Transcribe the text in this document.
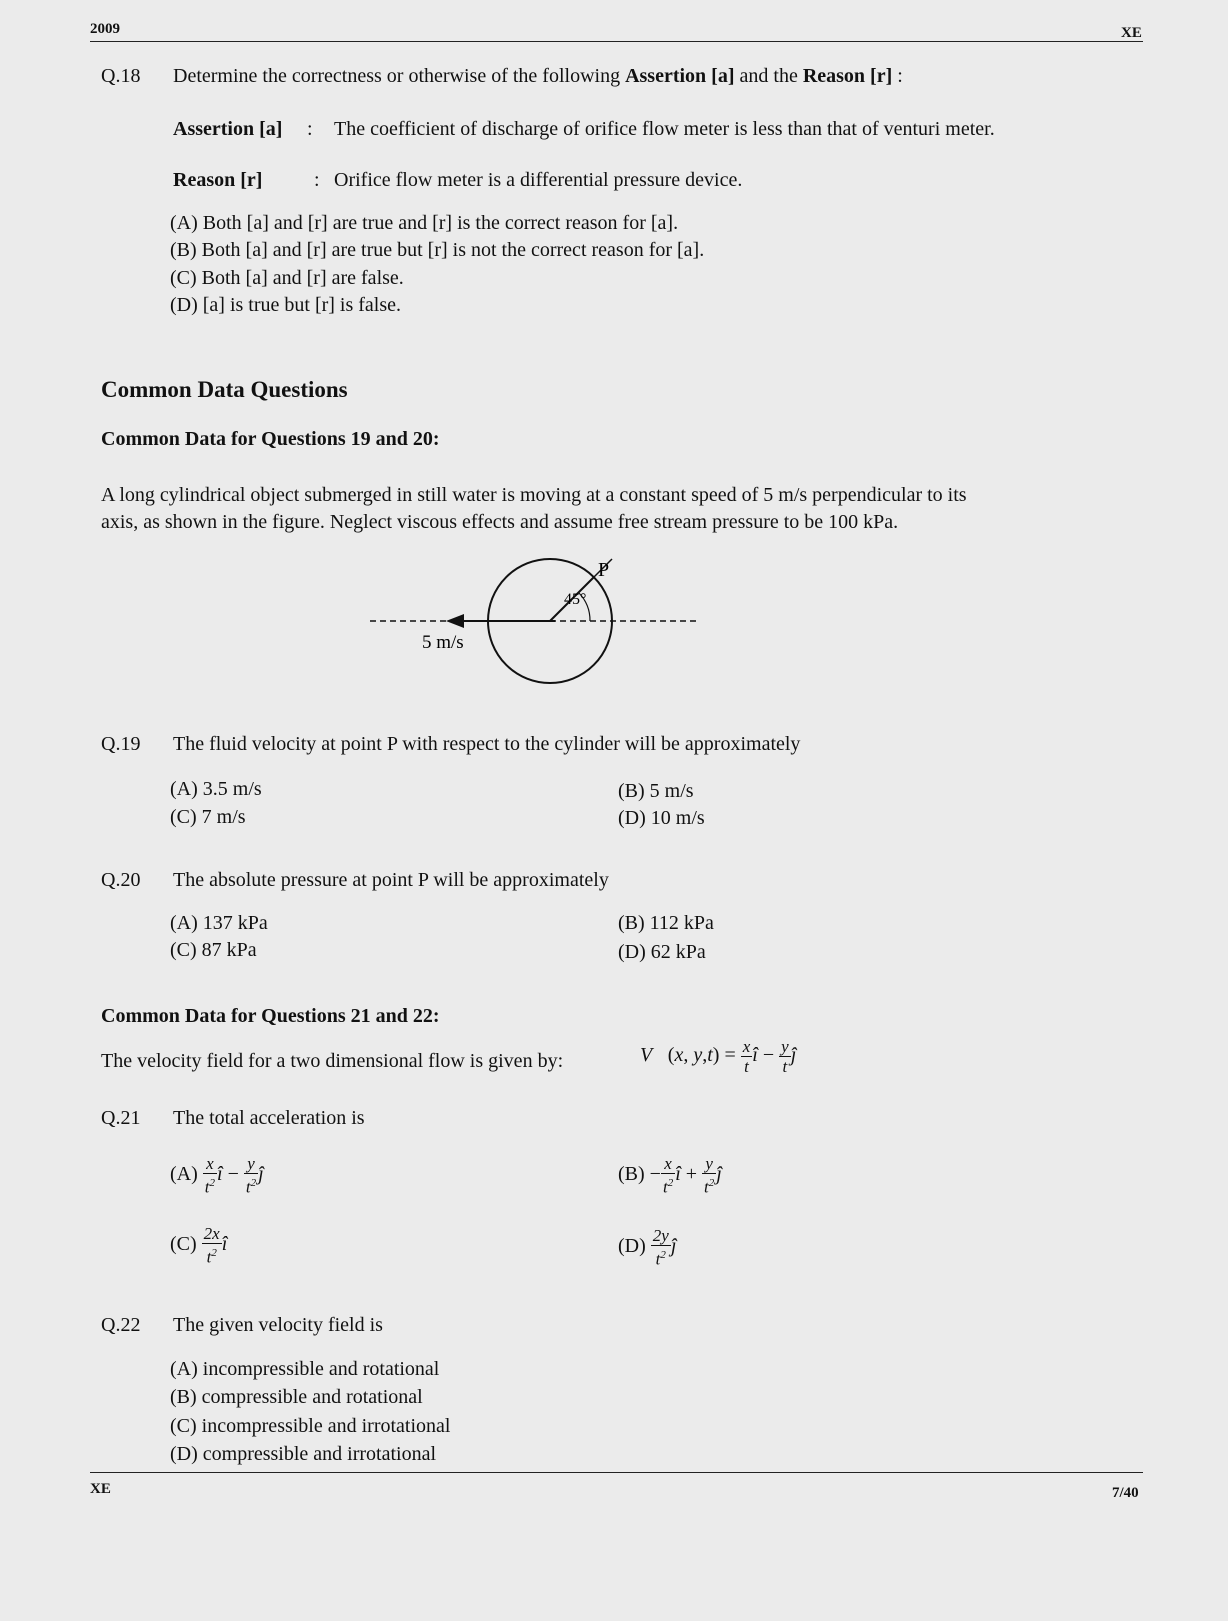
2009	XE
Q.18 Determine the correctness or otherwise of the following Assertion [a] and the Reason [r] :
Assertion [a] : The coefficient of discharge of orifice flow meter is less than that of venturi meter.
Reason [r]	: Orifice flow meter is a differential pressure device.
(A) Both [a] and [r] are true and [r] is the correct reason for [a].
(B) Both [a] and [r] are true but [r] is not the correct reason for [a].
(C) Both [a] and [r] are false.
(D) [a] is true but [r] is false.
Common Data Questions
Common Data for Questions 19 and 20:
A long cylindrical object submerged in still water is moving at a constant speed of 5 m/s perpendicular to its
axis, as shown in the figure. Neglect viscous effects and assume free stream pressure to be 100 kPa.
P
45°
5 m/s
Q.19 The fluid velocity at point P with respect to the cylinder will be approximately
(A) 3.5 m/s	(B) 5 m/s
(C) 7 m/s	(D) 10 m/s
Q.20 The absolute pressure at point P will be approximately
(A) 137 kPa	(B) 112 kPa
(C) 87 kPa	(D) 62 kPa
Common Data for Questions 21 and 22:
The velocity field for a two dimensional flow is given by:	V⃗(x, $y,t) = \frac{x}{t}$ î − $\frac{y}{t}$ ĵ
Q.21 The total acceleration is
$(A) \frac{x}{t^2}$ î − $\frac{y}{t^2}$ ĵ	$(B) - \frac{x}{t^2}$ î + $\frac{y}{t^2}$ ĵ
$(C) \frac{2x}{t^2}$ î	$(D) \frac{2y}{t^2}$ ĵ
Q.22 The given velocity field is
(A) incompressible and rotational
(B) compressible and rotational
(C) incompressible and irrotational
(D) compressible and irrotational
XE	7/40
